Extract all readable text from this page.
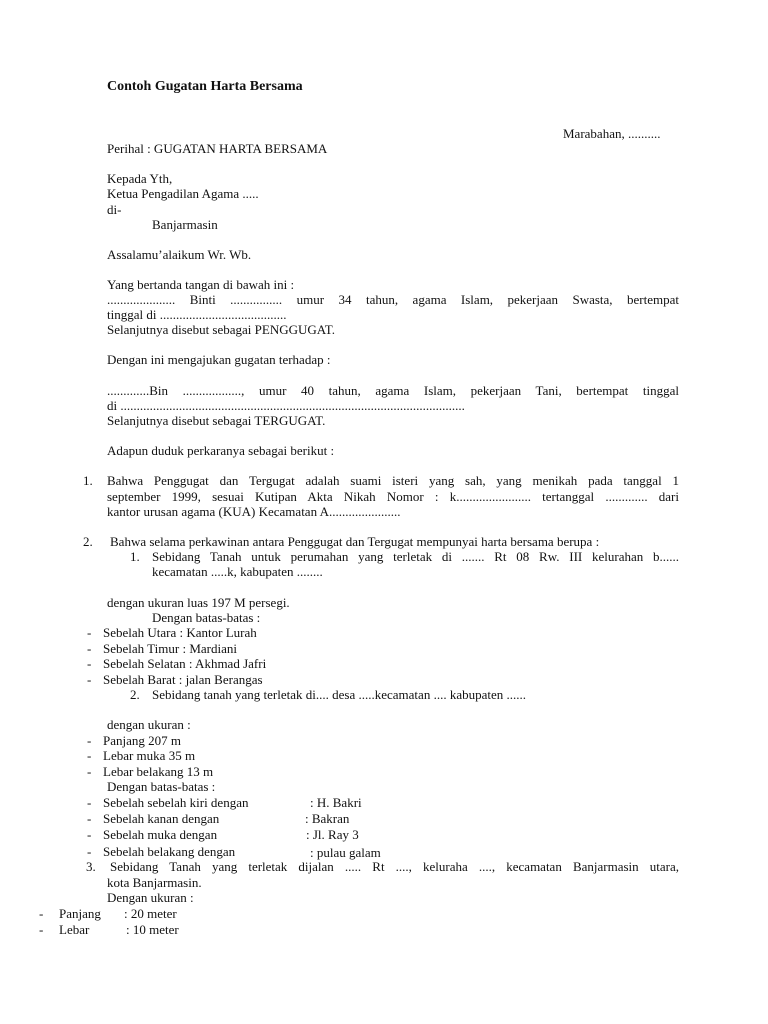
Contoh Gugatan Harta Bersama
Marabahan, ..........
Perihal : GUGATAN HARTA BERSAMA
Kepada Yth,
Ketua Pengadilan Agama .....
di-
Banjarmasin
Assalamu’alaikum Wr. Wb.
Yang bertanda tangan di bawah ini :
..................... Binti ................ umur 34 tahun, agama Islam, pekerjaan Swasta, bertempat
tinggal di .......................................
Selanjutnya disebut sebagai PENGGUGAT.
Dengan ini mengajukan gugatan terhadap :
.............Bin .................., umur 40 tahun, agama Islam, pekerjaan Tani, bertempat tinggal
di ..........................................................................................................
Selanjutnya disebut sebagai TERGUGAT.
Adapun duduk perkaranya sebagai berikut :
1. Bahwa Penggugat dan Tergugat adalah suami isteri yang sah, yang menikah pada tanggal 1
september 1999, sesuai Kutipan Akta Nikah Nomor : k....................... tertanggal ............. dari
kantor urusan agama (KUA) Kecamatan A......................
2. Bahwa selama perkawinan antara Penggugat dan Tergugat mempunyai harta bersama berupa :
1. Sebidang Tanah untuk perumahan yang terletak di ....... Rt 08 Rw. III kelurahan b......
kecamatan .....k, kabupaten ........
dengan ukuran luas 197 M persegi.
Dengan batas-batas :
- Sebelah Utara : Kantor Lurah
- Sebelah Timur : Mardiani
- Sebelah Selatan : Akhmad Jafri
- Sebelah Barat : jalan Berangas
2. Sebidang tanah yang terletak di.... desa .....kecamatan .... kabupaten ......
dengan ukuran :
- Panjang 207 m
- Lebar muka 35 m
- Lebar belakang 13 m
Dengan batas-batas :
- Sebelah sebelah kiri dengan	: H. Bakri
- Sebelah kanan dengan	: Bakran
- Sebelah muka dengan	: Jl. Ray 3
- Sebelah belakang dengan	: pulau galam
3. Sebidang Tanah yang terletak dijalan ..... Rt ...., keluraha ...., kecamatan Banjarmasin utara,
kota Banjarmasin.
Dengan ukuran :
- Panjang : 20 meter
- Lebar	: 10 meter
